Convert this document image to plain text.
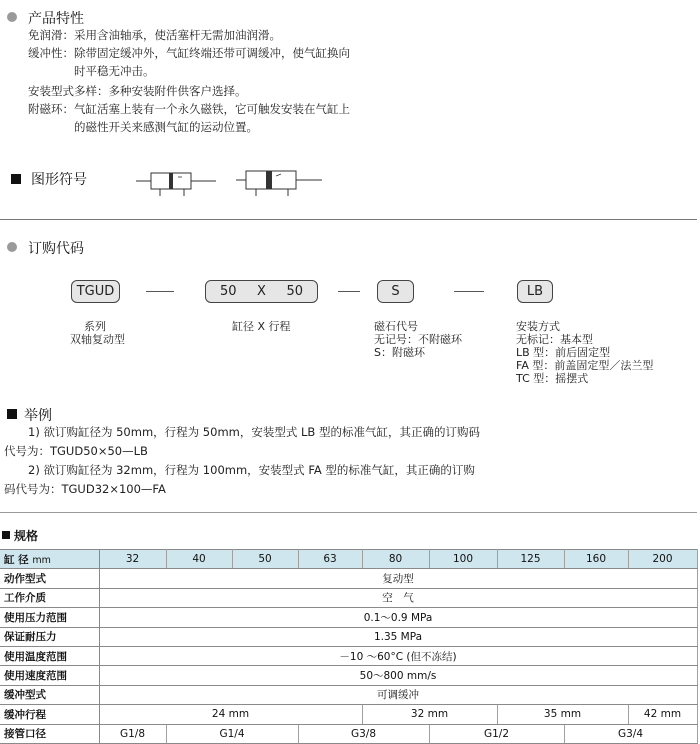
产品特性
免润滑：采用含油轴承，使活塞杆无需加油润滑。
缓冲性：除带固定缓冲外，气缸终端还带可调缓冲，使气缸换向
时平稳无冲击。
安装型式多样：多种安装附件供客户选择。
附磁环：气缸活塞上装有一个永久磁铁，它可触发安装在气缸上
的磁性开关来感测气缸的运动位置。
图形符号
订购代码
TGUD	50 X 50	S	LB
系列
双轴复动型
缸径 X 行程	磁石代号
无记号：不附磁环
S：附磁环
安装方式
无标记：基本型
LB 型：前后固定型
FA 型：前盖固定型／法兰型
TC 型：摇摆式
举例
1) 欲订购缸径为 50mm，行程为 50mm，安装型式 LB 型的标准气缸，其正确的订购码
代号为：TGUD50×50—LB
2) 欲订购缸径为 32mm，行程为 100mm，安装型式 FA 型的标准气缸，其正确的订购
码代号为：TGUD32×100—FA
规格
缸 径 mm	32	40	50	63	80	100	125	160	200
动作型式	复动型								
工作介质	空　气								
使用压力范围	0.1～0.9 MPa								
保证耐压力	1.35 MPa								
使用温度范围	－10 ～60°C (但不冻结)								
使用速度范围	50～800 mm/s								
缓冲型式	可调缓冲								
缓冲行程	24 mm				32 mm		35 mm		42 mm
接管口径	G1/8	G1/4		G3/8		G1/2		G3/4	
